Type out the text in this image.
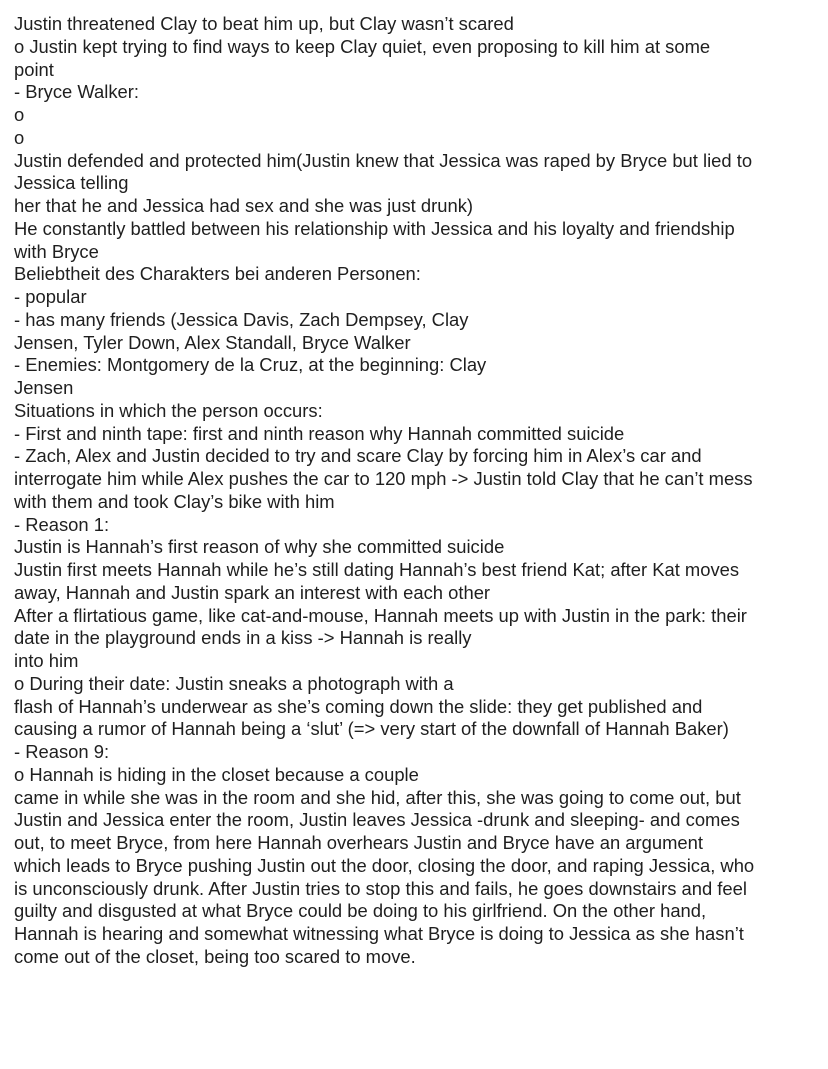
Justin threatened Clay to beat him up, but Clay wasn’t scared
o Justin kept trying to find ways to keep Clay quiet, even proposing to kill him at some
point
- Bryce Walker:
o
o
Justin defended and protected him(Justin knew that Jessica was raped by Bryce but lied to
Jessica telling
her that he and Jessica had sex and she was just drunk)
He constantly battled between his relationship with Jessica and his loyalty and friendship
with Bryce
Beliebtheit des Charakters bei anderen Personen:
- popular
- has many friends (Jessica Davis, Zach Dempsey, Clay
Jensen, Tyler Down, Alex Standall, Bryce Walker
- Enemies: Montgomery de la Cruz, at the beginning: Clay
Jensen
Situations in which the person occurs:
- First and ninth tape: first and ninth reason why Hannah committed suicide
- Zach, Alex and Justin decided to try and scare Clay by forcing him in Alex’s car and
interrogate him while Alex pushes the car to 120 mph -> Justin told Clay that he can’t mess
with them and took Clay’s bike with him
- Reason 1:
Justin is Hannah’s first reason of why she committed suicide
Justin first meets Hannah while he’s still dating Hannah’s best friend Kat; after Kat moves
away, Hannah and Justin spark an interest with each other
After a flirtatious game, like cat-and-mouse, Hannah meets up with Justin in the park: their
date in the playground ends in a kiss -> Hannah is really
into him
o During their date: Justin sneaks a photograph with a
flash of Hannah’s underwear as she’s coming down the slide: they get published and
causing a rumor of Hannah being a ‘slut’ (=> very start of the downfall of Hannah Baker)
- Reason 9:
o Hannah is hiding in the closet because a couple
came in while she was in the room and she hid, after this, she was going to come out, but
Justin and Jessica enter the room, Justin leaves Jessica -drunk and sleeping- and comes
out, to meet Bryce, from here Hannah overhears Justin and Bryce have an argument
which leads to Bryce pushing Justin out the door, closing the door, and raping Jessica, who
is unconsciously drunk. After Justin tries to stop this and fails, he goes downstairs and feel
guilty and disgusted at what Bryce could be doing to his girlfriend. On the other hand,
Hannah is hearing and somewhat witnessing what Bryce is doing to Jessica as she hasn’t
come out of the closet, being too scared to move.
